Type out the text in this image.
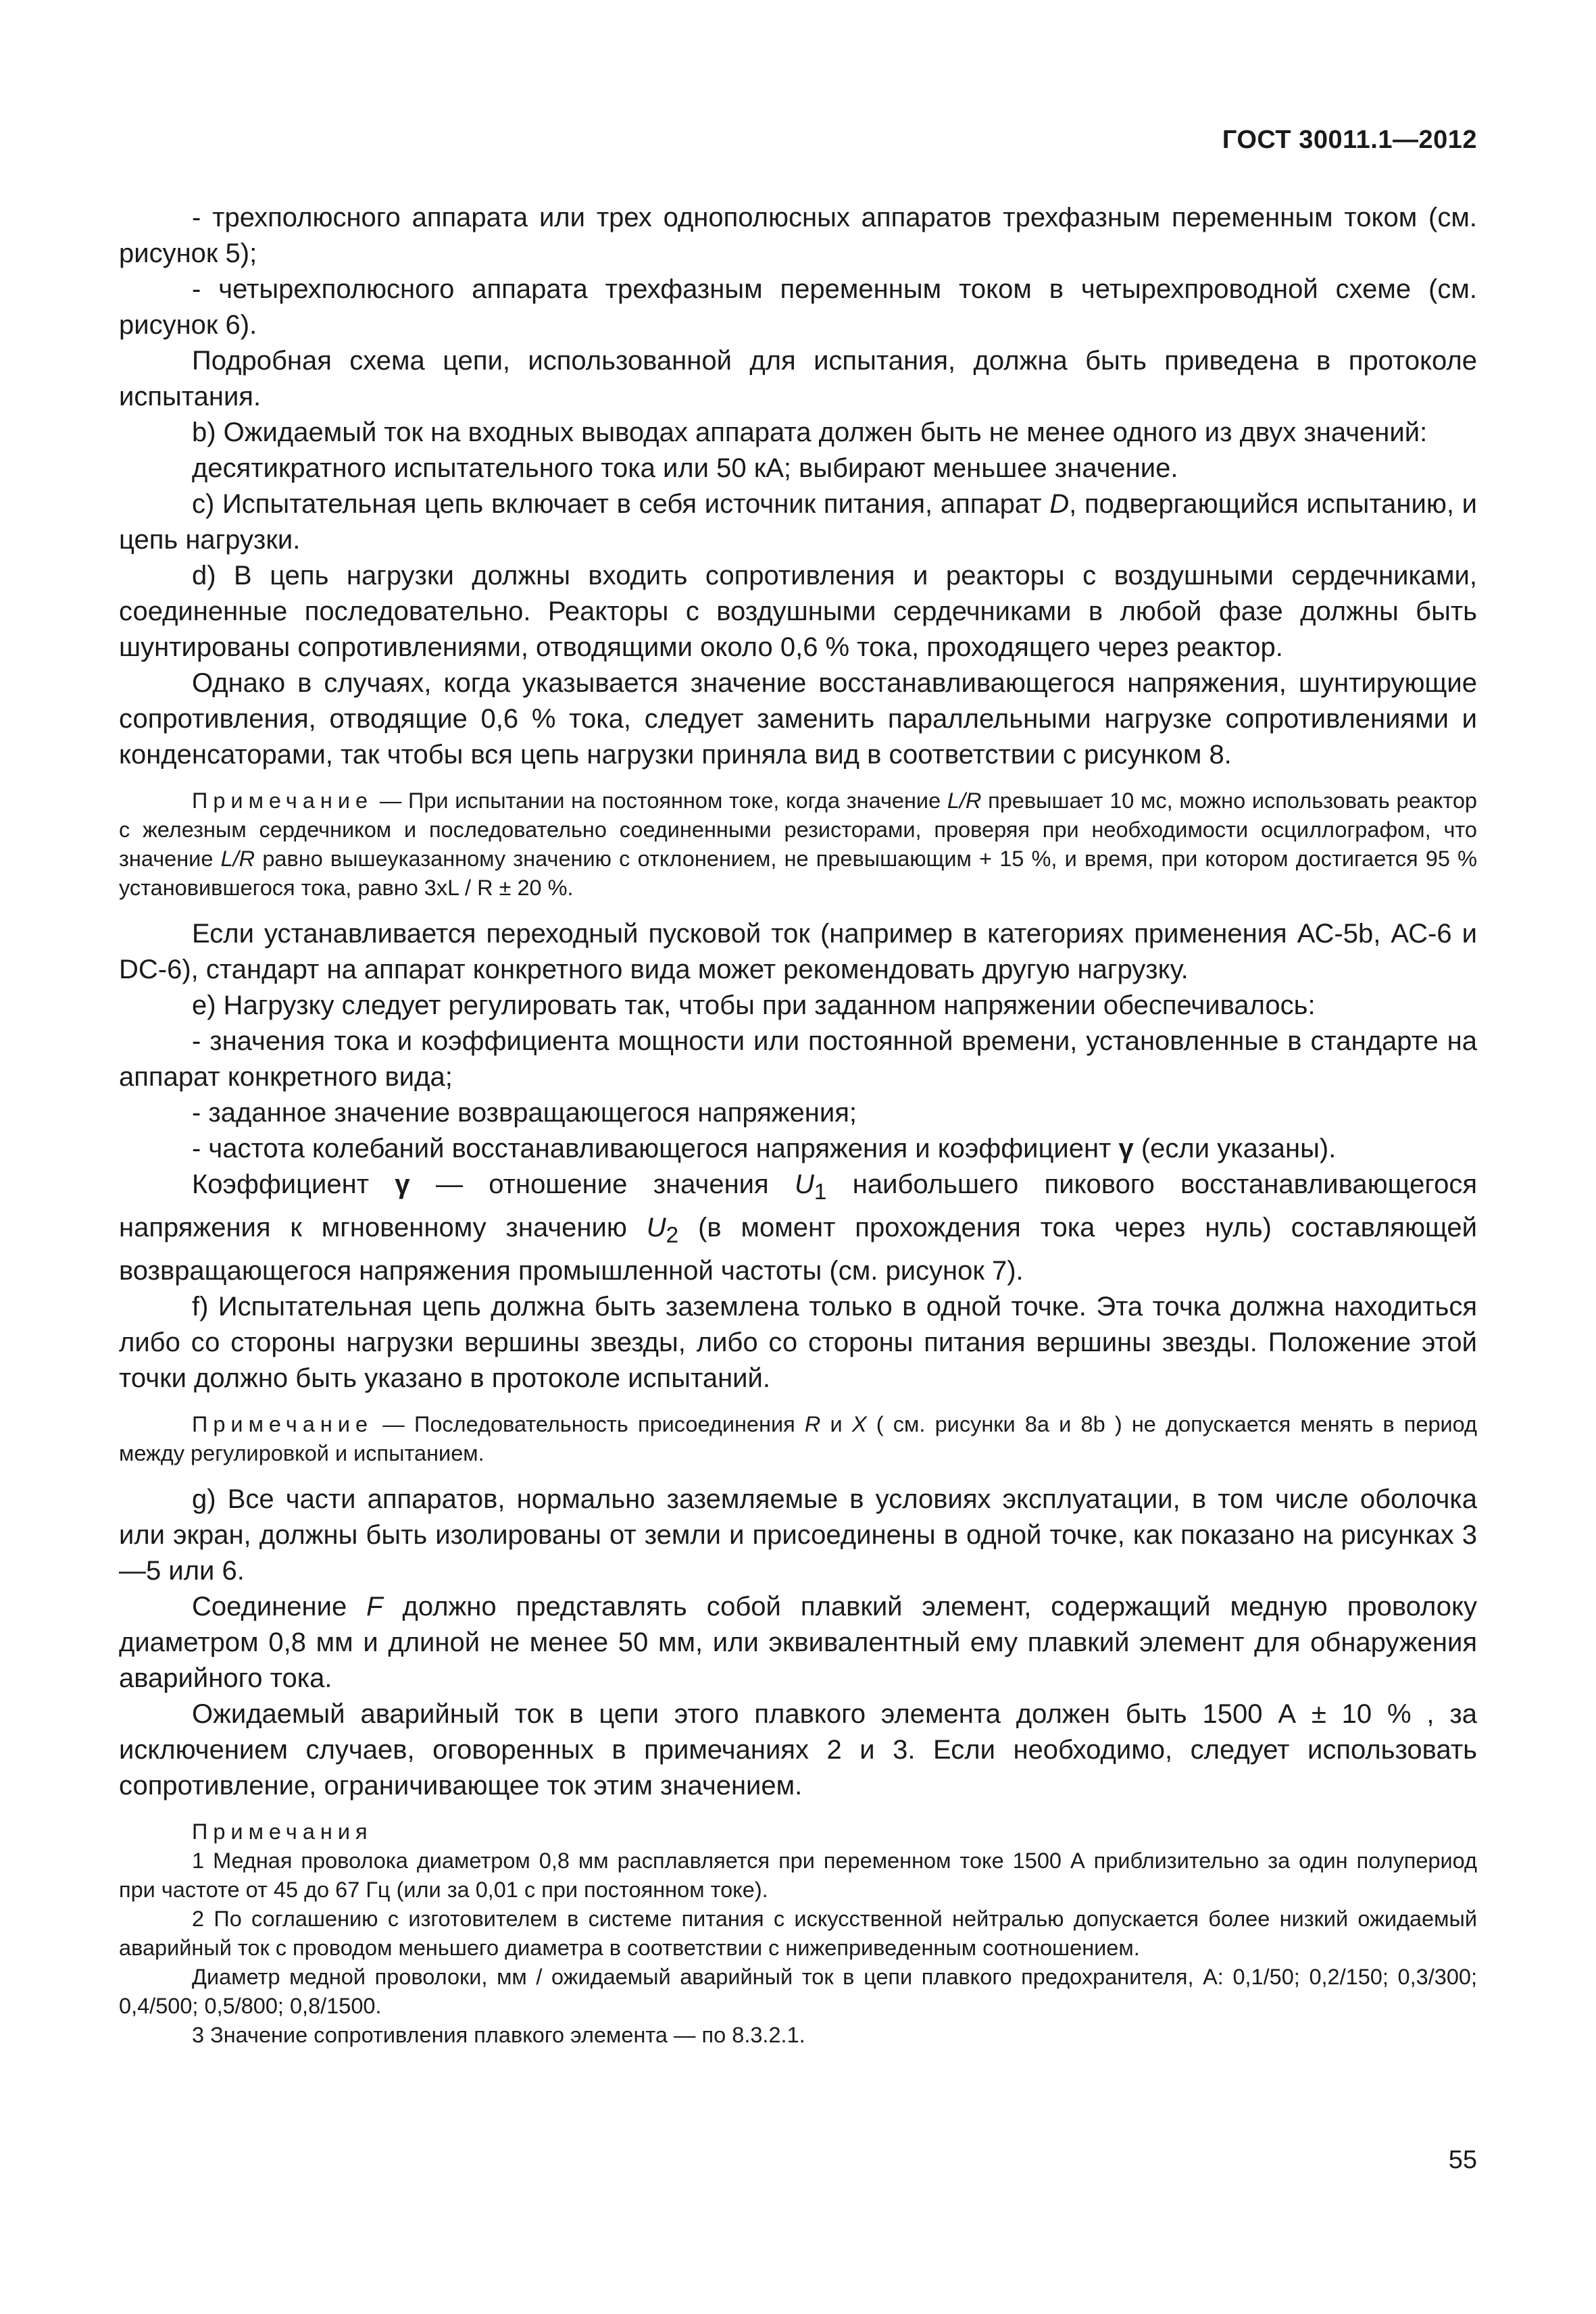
ГОСТ 30011.1—2012

- трехполюсного аппарата или трех однополюсных аппаратов трехфазным переменным током (см. рисунок 5);

- четырехполюсного аппарата трехфазным переменным током в четырехпроводной схеме (см. рисунок 6).

Подробная схема цепи, использованной для испытания, должна быть приведена в протоколе испытания.

b) Ожидаемый ток на входных выводах аппарата должен быть не менее одного из двух значений:

десятикратного испытательного тока или 50 кА; выбирают меньшее значение.

с) Испытательная цепь включает в себя источник питания, аппарат D, подвергающийся испытанию, и цепь нагрузки.

d) В цепь нагрузки должны входить сопротивления и реакторы с воздушными сердечниками, соединенные последовательно. Реакторы с воздушными сердечниками в любой фазе должны быть шунтированы сопротивлениями, отводящими около 0,6 % тока, проходящего через реактор.

Однако в случаях, когда указывается значение восстанавливающегося напряжения, шунтирующие сопротивления, отводящие 0,6 % тока, следует заменить параллельными нагрузке сопротивлениями и конденсаторами, так чтобы вся цепь нагрузки приняла вид в соответствии с рисунком 8.

Примечание — При испытании на постоянном токе, когда значение L/R превышает 10 мс, можно использовать реактор с железным сердечником и последовательно соединенными резисторами, проверяя при необходимости осциллографом, что значение L/R равно вышеуказанному значению с отклонением, не превышающим + 15 %, и время, при котором достигается 95 % установившегося тока, равно 3xL / R ± 20 %.

Если устанавливается переходный пусковой ток (например в категориях применения АС-5b, АС-6 и DC-6), стандарт на аппарат конкретного вида может рекомендовать другую нагрузку.

е) Нагрузку следует регулировать так, чтобы при заданном напряжении обеспечивалось:

- значения тока и коэффициента мощности или постоянной времени, установленные в стандарте на аппарат конкретного вида;

- заданное значение возвращающегося напряжения;

- частота колебаний восстанавливающегося напряжения и коэффициент γ (если указаны).

Коэффициент γ — отношение значения $U_1$ наибольшего пикового восстанавливающегося напряжения к мгновенному значению $U_2$ (в момент прохождения тока через нуль) составляющей возвращающегося напряжения промышленной частоты (см. рисунок 7).

f) Испытательная цепь должна быть заземлена только в одной точке. Эта точка должна находиться либо со стороны нагрузки вершины звезды, либо со стороны питания вершины звезды. Положение этой точки должно быть указано в протоколе испытаний.

Примечание — Последовательность присоединения R и X ( см. рисунки 8а и 8b ) не допускается менять в период между регулировкой и испытанием.

g) Все части аппаратов, нормально заземляемые в условиях эксплуатации, в том числе оболочка или экран, должны быть изолированы от земли и присоединены в одной точке, как показано на рисунках 3—5 или 6.

Соединение F должно представлять собой плавкий элемент, содержащий медную проволоку диаметром 0,8 мм и длиной не менее 50 мм, или эквивалентный ему плавкий элемент для обнаружения аварийного тока.

Ожидаемый аварийный ток в цепи этого плавкого элемента должен быть 1500 А ± 10 % , за исключением случаев, оговоренных в примечаниях 2 и 3. Если необходимо, следует использовать сопротивление, ограничивающее ток этим значением.

Примечания

1 Медная проволока диаметром 0,8 мм расплавляется при переменном токе 1500 А приблизительно за один полупериод при частоте от 45 до 67 Гц (или за 0,01 с при постоянном токе).

2 По соглашению с изготовителем в системе питания с искусственной нейтралью допускается более низкий ожидаемый аварийный ток с проводом меньшего диаметра в соответствии с нижеприведенным соотношением.

Диаметр медной проволоки, мм / ожидаемый аварийный ток в цепи плавкого предохранителя, А: 0,1/50; 0,2/150; 0,3/300; 0,4/500; 0,5/800; 0,8/1500.

3 Значение сопротивления плавкого элемента — по 8.3.2.1.

55
